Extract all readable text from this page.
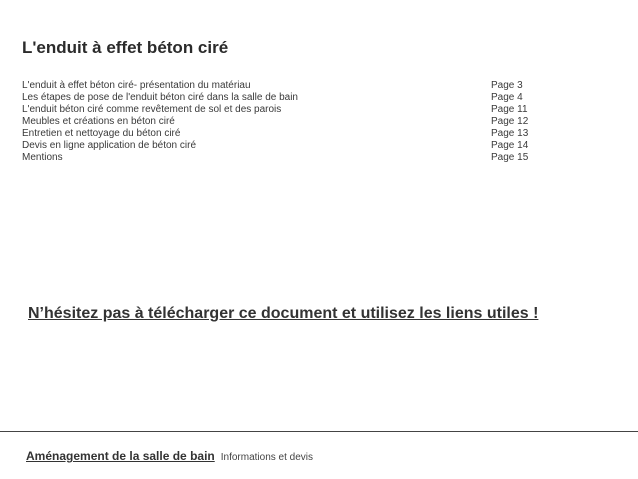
L'enduit à effet béton ciré
L'enduit à effet béton ciré- présentation du matériau	Page 3
Les étapes de pose de l'enduit béton ciré dans la salle de bain	Page 4
L'enduit béton ciré comme revêtement de sol et des parois	Page 11
Meubles et créations en béton ciré	Page 12
Entretien et nettoyage du béton ciré	Page 13
Devis en ligne application de béton ciré	Page 14
Mentions	Page 15
N’hésitez pas à télécharger ce document et utilisez les liens utiles !
Aménagement de la salle de bain Informations et devis
